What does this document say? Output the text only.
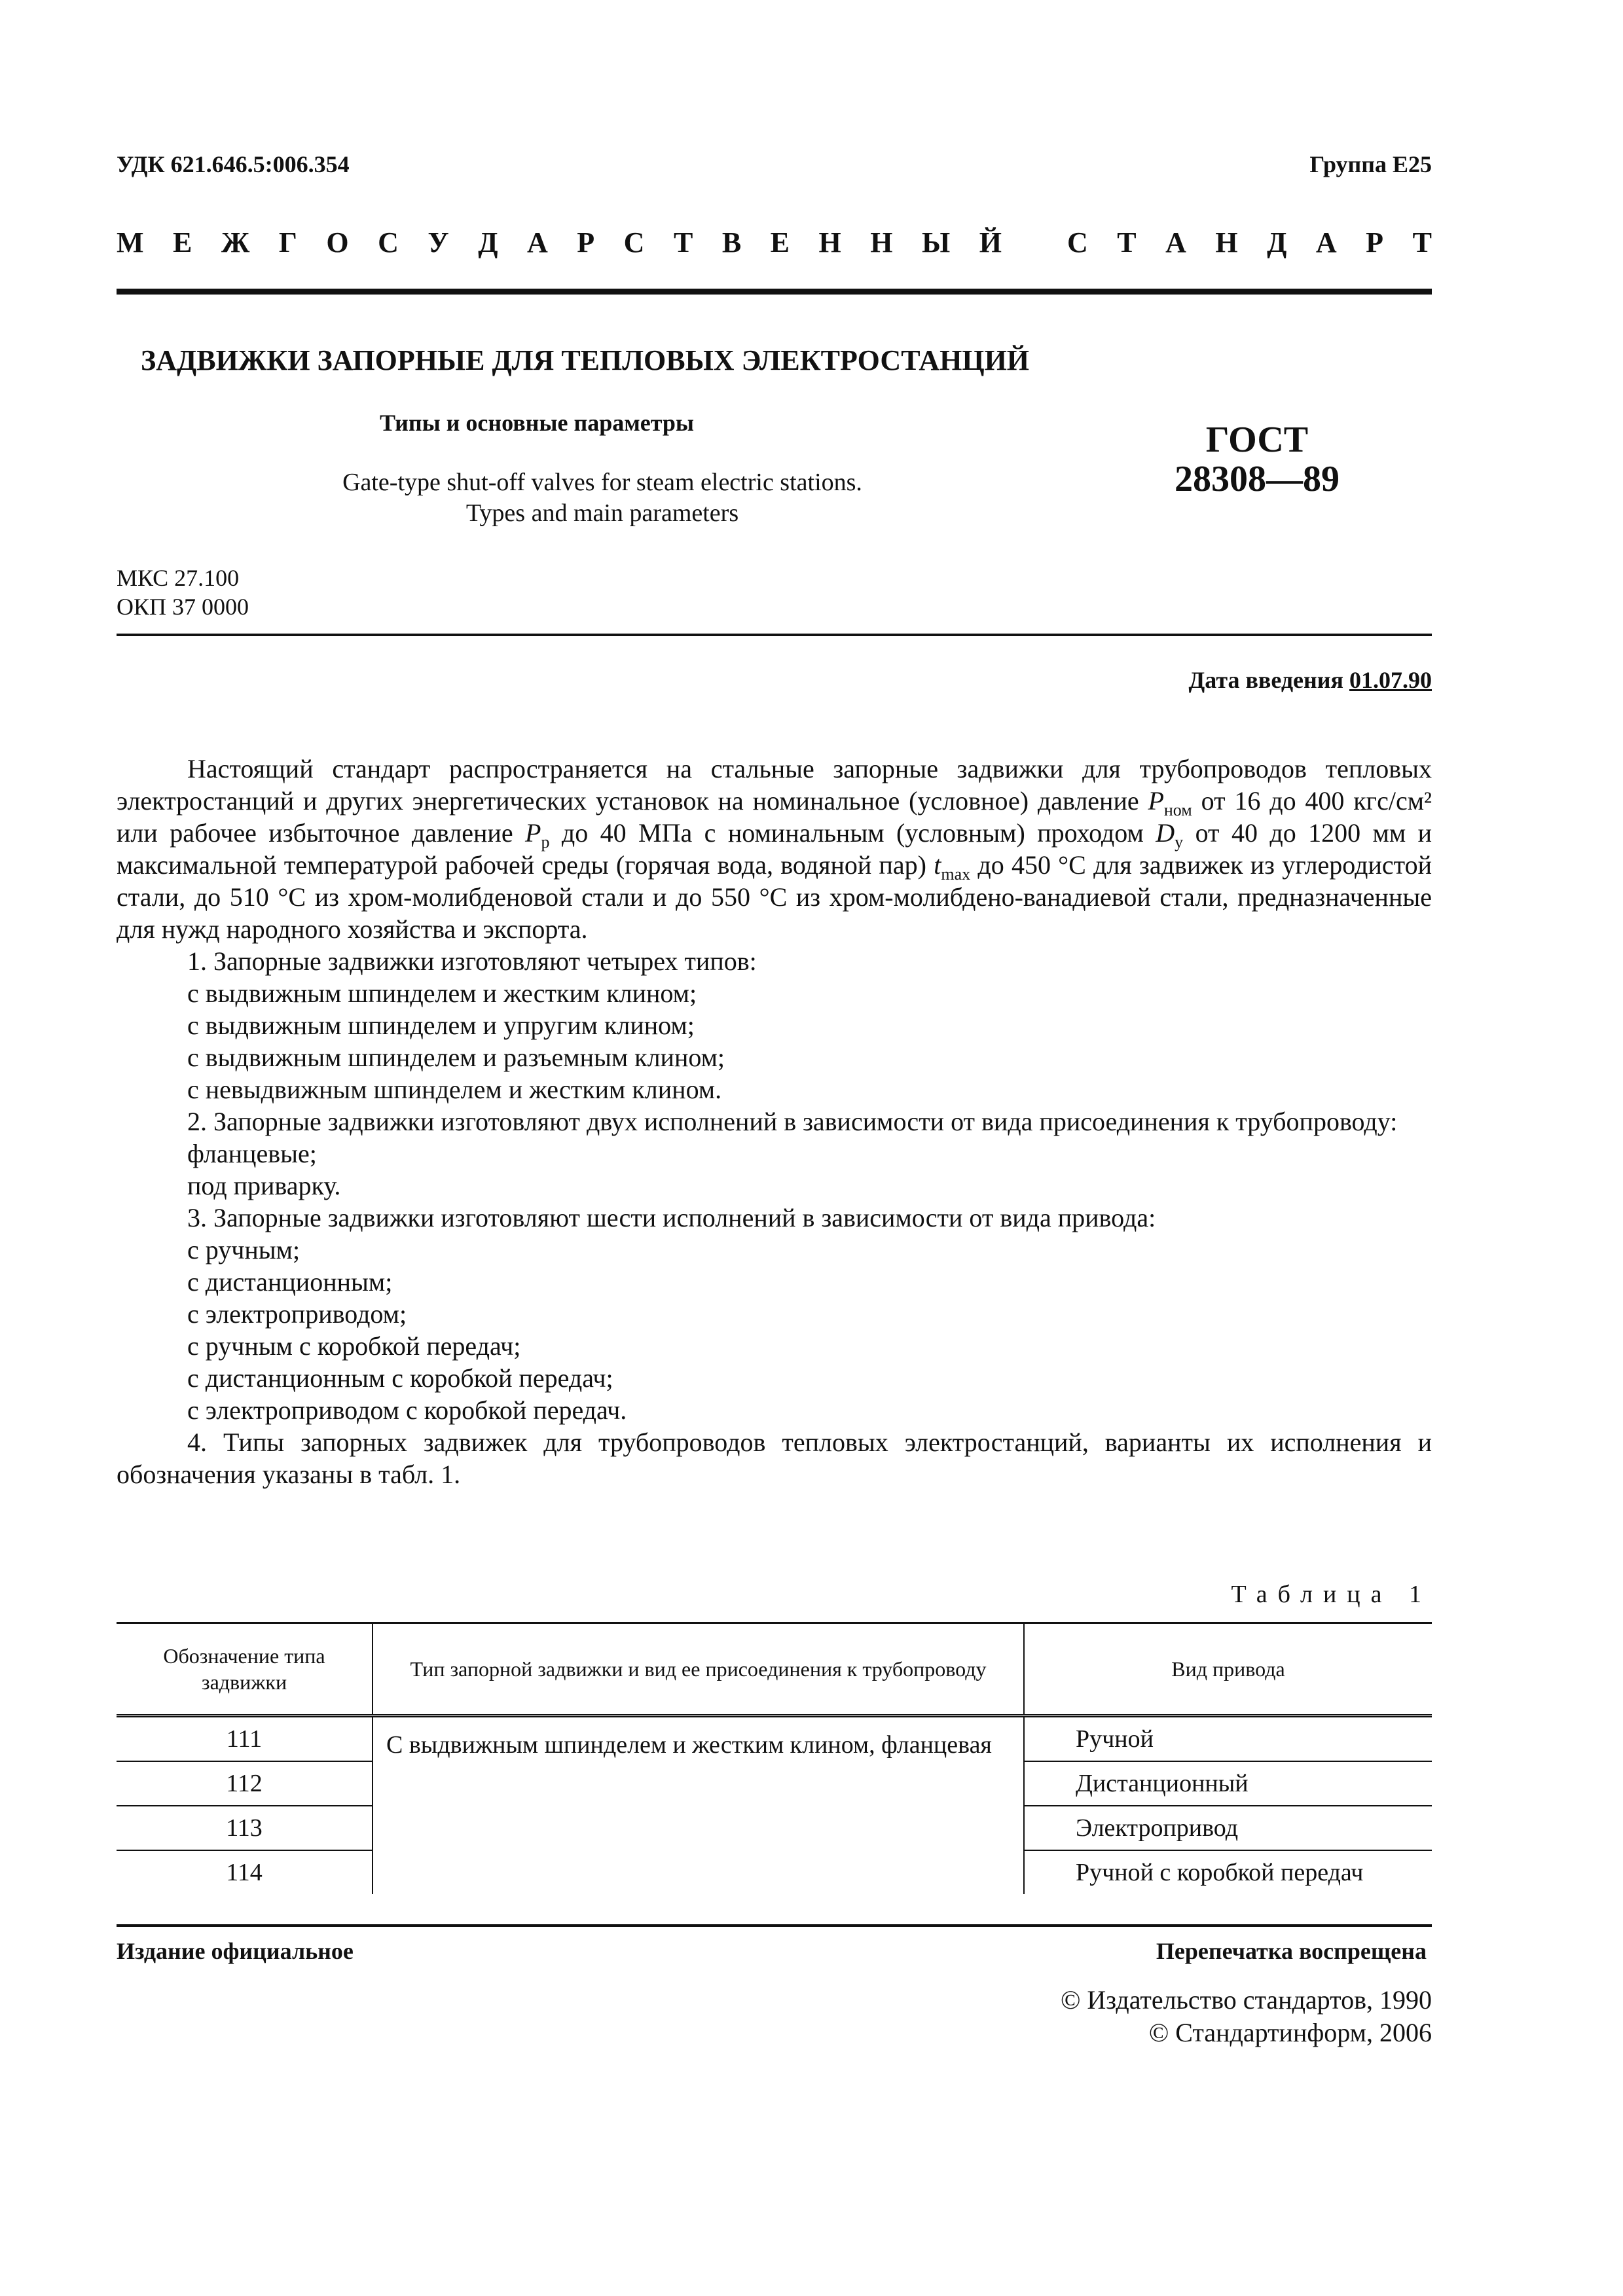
УДК 621.646.5:006.354	Группа Е25
М Е Ж Г О С У Д А Р С Т В Е Н Н Ы Й
С Т А Н Д А Р Т
ЗАДВИЖКИ ЗАПОРНЫЕ ДЛЯ ТЕПЛОВЫХ ЭЛЕКТРОСТАНЦИЙ
Типы и основные параметры
Gate-type shut-off valves for steam electric stations.
Types and main parameters
ГОСТ
28308—89
МКС 27.100
ОКП 37 0000
Дата введения 01.07.90

Настоящий стандарт распространяется на стальные запорные задвижки для трубопроводов тепловых электростанций и других энергетических установок на номинальное (условное) давление $P_{ном}$ от 16 до 400 кгс/см² или рабочее избыточное давление $P_р$ до 40 МПа с номинальным (условным) проходом $D_у$ от 40 до 1200 мм и максимальной температурой рабочей среды (горячая вода, водяной пар) $t_{max}$ до 450 °С для задвижек из углеродистой стали, до 510 °С из хром-молибденовой стали и до 550 °С из хром-молибдено-ванадиевой стали, предназначенные для нужд народного хозяйства и экспорта.

1. Запорные задвижки изготовляют четырех типов:

с выдвижным шпинделем и жестким клином;

с выдвижным шпинделем и упругим клином;

с выдвижным шпинделем и разъемным клином;

с невыдвижным шпинделем и жестким клином.

2. Запорные задвижки изготовляют двух исполнений в зависимости от вида присоединения к трубопроводу:

фланцевые;

под приварку.

3. Запорные задвижки изготовляют шести исполнений в зависимости от вида привода:

с ручным;

с дистанционным;

с электроприводом;

с ручным с коробкой передач;

с дистанционным с коробкой передач;

с электроприводом с коробкой передач.

4. Типы запорных задвижек для трубопроводов тепловых электростанций, варианты их исполнения и обозначения указаны в табл. 1.

Таблица 1
Обозначение типа задвижки	Тип запорной задвижки и вид ее присоединения к трубопроводу	Вид привода
111	С выдвижным шпинделем и жестким клином, фланцевая	Ручной
112		Дистанционный
113		Электропривод
114		Ручной с коробкой передач
Издание официальное	Перепечатка воспрещена
© Издательство стандартов, 1990
© Стандартинформ, 2006
